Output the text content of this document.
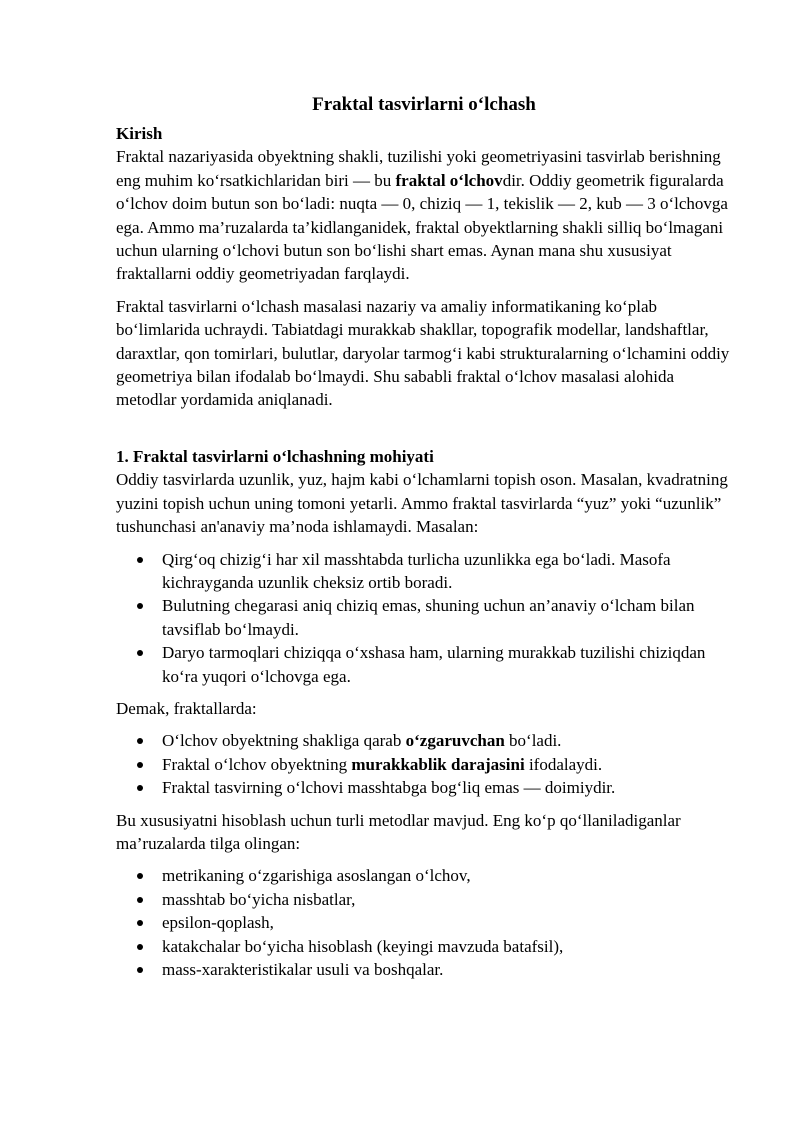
Fraktal tasvirlarni oʻlchash
Kirish

Fraktal nazariyasida obyektning shakli, tuzilishi yoki geometriyasini tasvirlab berishning eng muhim koʻrsatkichlaridan biri — bu fraktal oʻlchovdir. Oddiy geometrik figuralarda oʻlchov doim butun son boʻladi: nuqta — 0, chiziq — 1, tekislik — 2, kub — 3 oʻlchovga ega. Ammo ma’ruzalarda ta’kidlanganidek, fraktal obyektlarning shakli silliq boʻlmagani uchun ularning oʻlchovi butun son boʻlishi shart emas. Aynan mana shu xususiyat fraktallarni oddiy geometriyadan farqlaydi.

Fraktal tasvirlarni oʻlchash masalasi nazariy va amaliy informatikaning koʻplab boʻlimlarida uchraydi. Tabiatdagi murakkab shakllar, topografik modellar, landshaftlar, daraxtlar, qon tomirlari, bulutlar, daryolar tarmogʻi kabi strukturalarning oʻlchamini oddiy geometriya bilan ifodalab boʻlmaydi. Shu sababli fraktal oʻlchov masalasi alohida metodlar yordamida aniqlanadi.

1. Fraktal tasvirlarni oʻlchashning mohiyati

Oddiy tasvirlarda uzunlik, yuz, hajm kabi oʻlchamlarni topish oson. Masalan, kvadratning yuzini topish uchun uning tomoni yetarli. Ammo fraktal tasvirlarda “yuz” yoki “uzunlik” tushunchasi an'anaviy ma’noda ishlamaydi. Masalan:

Qirgʻoq chizigʻi har xil masshtabda turlicha uzunlikka ega boʻladi. Masofa kichrayganda uzunlik cheksiz ortib boradi.
Bulutning chegarasi aniq chiziq emas, shuning uchun an’anaviy oʻlcham bilan tavsiflab boʻlmaydi.
Daryo tarmoqlari chiziqqa oʻxshasa ham, ularning murakkab tuzilishi chiziqdan koʻra yuqori oʻlchovga ega.

Demak, fraktallarda:

Oʻlchov obyektning shakliga qarab oʻzgaruvchan boʻladi.
Fraktal oʻlchov obyektning murakkablik darajasini ifodalaydi.
Fraktal tasvirning oʻlchovi masshtabga bogʻliq emas — doimiydir.

Bu xususiyatni hisoblash uchun turli metodlar mavjud. Eng koʻp qoʻllaniladiganlar ma’ruzalarda tilga olingan:

metrikaning oʻzgarishiga asoslangan oʻlchov,
masshtab boʻyicha nisbatlar,
epsilon-qoplash,
katakchalar boʻyicha hisoblash (keyingi mavzuda batafsil),
mass-xarakteristikalar usuli va boshqalar.
